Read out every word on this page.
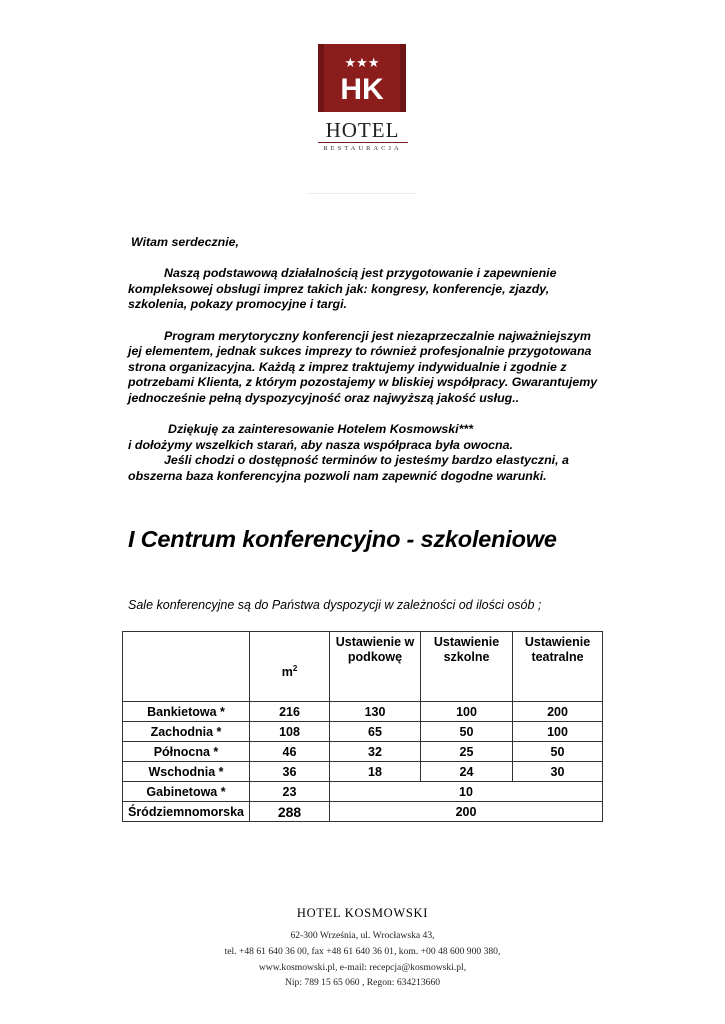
★★★
HK
HOTEL
RESTAURACJA

Witam serdecznie,

Naszą podstawową działalnością jest przygotowanie i zapewnienie kompleksowej obsługi imprez takich jak: kongresy, konferencje, zjazdy, szkolenia, pokazy promocyjne i targi.

Program merytoryczny konferencji jest niezaprzeczalnie najważniejszym jej elementem, jednak sukces imprezy to również profesjonalnie przygotowana strona organizacyjna. Każdą z imprez traktujemy indywidualnie i zgodnie z potrzebami Klienta, z którym pozostajemy w bliskiej współpracy. Gwarantujemy jednocześnie pełną dyspozycyjność oraz najwyższą jakość usług..

Dziękuję za zainteresowanie Hotelem Kosmowski***

i dołożymy wszelkich starań, aby nasza współpraca była owocna.

Jeśli chodzi o dostępność terminów to jesteśmy bardzo elastyczni, a obszerna baza konferencyjna pozwoli nam zapewnić dogodne warunki.

I Centrum konferencyjno - szkoleniowe

Sale konferencyjne są do Państwa dyspozycji w zależności od ilości osób ;

	$m^2$	Ustawienie w podkowę	Ustawienie szkolne	Ustawienie teatralne
Bankietowa *	216	130	100	200
Zachodnia *	108	65	50	100
Północna *	46	32	25	50
Wschodnia *	36	18	24	30
Gabinetowa *	23	10		
Śródziemnomorska	288	200		
HOTEL KOSMOWSKI
62-300 Września, ul. Wrocławska 43,
tel. +48 61 640 36 00, fax +48 61 640 36 01, kom. +00 48 600 900 380,
www.kosmowski.pl, e-mail: recepcja@kosmowski.pl,
Nip: 789 15 65 060 , Regon: 634213660
